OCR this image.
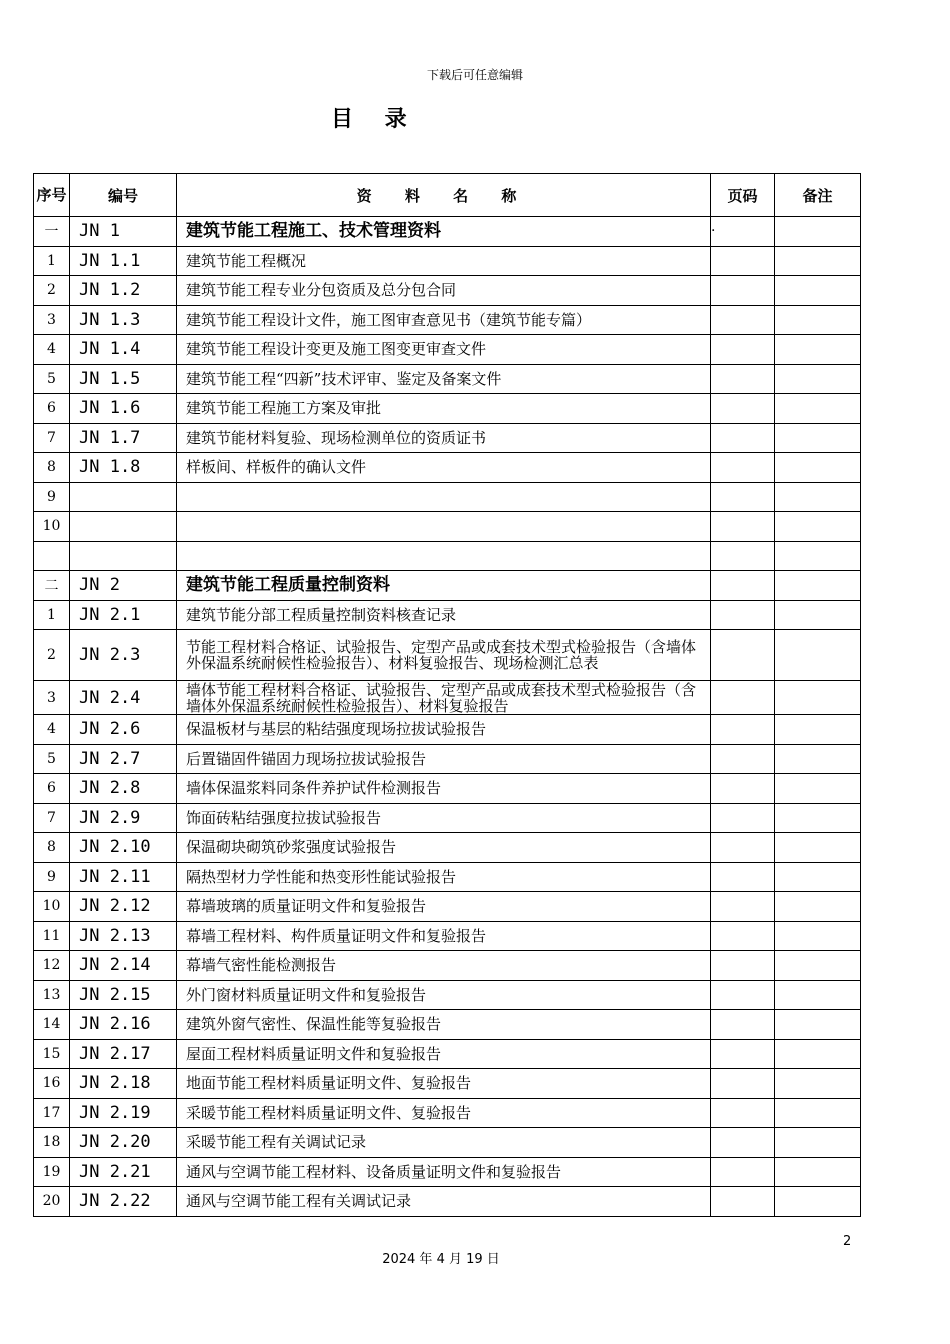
下载后可任意编辑
目 录
序号	编号	资 料 名 称	页码	备注
一	JN 1	建筑节能工程施工、技术管理资料	·	
1	JN 1.1	建筑节能工程概况		
2	JN 1.2	建筑节能工程专业分包资质及总分包合同		
3	JN 1.3	建筑节能工程设计文件，施工图审查意见书（建筑节能专篇）		
4	JN 1.4	建筑节能工程设计变更及施工图变更审查文件		
5	JN 1.5	建筑节能工程“四新”技术评审、鉴定及备案文件		
6	JN 1.6	建筑节能工程施工方案及审批		
7	JN 1.7	建筑节能材料复验、现场检测单位的资质证书		
8	JN 1.8	样板间、样板件的确认文件		
9				
10				

二	JN 2	建筑节能工程质量控制资料		
1	JN 2.1	建筑节能分部工程质量控制资料核查记录		
2	JN 2.3	节能工程材料合格证、试验报告、定型产品或成套技术型式检验报告（含墙体外保温系统耐候性检验报告）、材料复验报告、现场检测汇总表		
3	JN 2.4	墙体节能工程材料合格证、试验报告、定型产品或成套技术型式检验报告（含墙体外保温系统耐候性检验报告）、材料复验报告		
4	JN 2.6	保温板材与基层的粘结强度现场拉拔试验报告		
5	JN 2.7	后置锚固件锚固力现场拉拔试验报告		
6	JN 2.8	墙体保温浆料同条件养护试件检测报告		
7	JN 2.9	饰面砖粘结强度拉拔试验报告		
8	JN 2.10	保温砌块砌筑砂浆强度试验报告		
9	JN 2.11	隔热型材力学性能和热变形性能试验报告		
10	JN 2.12	幕墙玻璃的质量证明文件和复验报告		
11	JN 2.13	幕墙工程材料、构件质量证明文件和复验报告		
12	JN 2.14	幕墙气密性能检测报告		
13	JN 2.15	外门窗材料质量证明文件和复验报告		
14	JN 2.16	建筑外窗气密性、保温性能等复验报告		
15	JN 2.17	屋面工程材料质量证明文件和复验报告		
16	JN 2.18	地面节能工程材料质量证明文件、复验报告		
17	JN 2.19	采暖节能工程材料质量证明文件、复验报告		
18	JN 2.20	采暖节能工程有关调试记录		
19	JN 2.21	通风与空调节能工程材料、设备质量证明文件和复验报告		
20	JN 2.22	通风与空调节能工程有关调试记录		
2
2024 年 4 月 19 日
